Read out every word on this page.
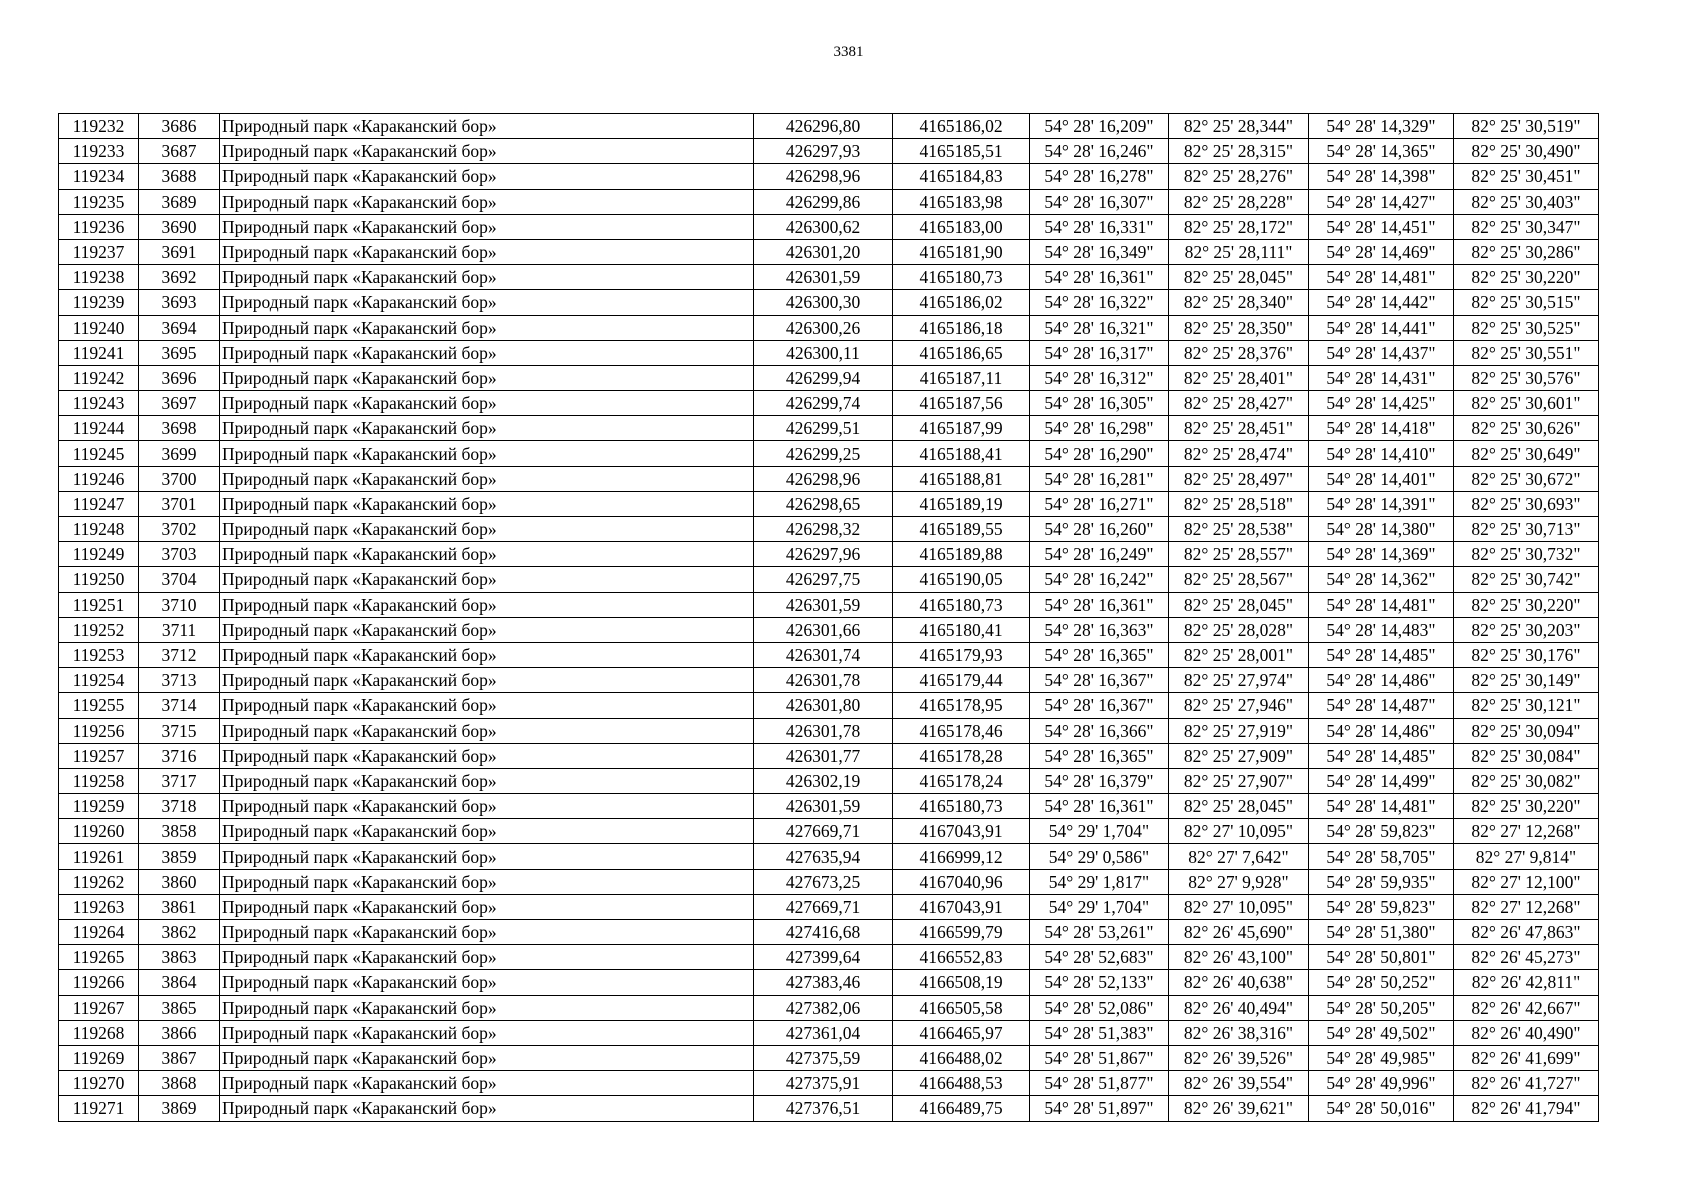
3381
119232	3686	Природный парк «Караканский бор»	426296,80	4165186,02	54° 28' 16,209"	82° 25' 28,344"	54° 28' 14,329"	82° 25' 30,519"
119233	3687	Природный парк «Караканский бор»	426297,93	4165185,51	54° 28' 16,246"	82° 25' 28,315"	54° 28' 14,365"	82° 25' 30,490"
119234	3688	Природный парк «Караканский бор»	426298,96	4165184,83	54° 28' 16,278"	82° 25' 28,276"	54° 28' 14,398"	82° 25' 30,451"
119235	3689	Природный парк «Караканский бор»	426299,86	4165183,98	54° 28' 16,307"	82° 25' 28,228"	54° 28' 14,427"	82° 25' 30,403"
119236	3690	Природный парк «Караканский бор»	426300,62	4165183,00	54° 28' 16,331"	82° 25' 28,172"	54° 28' 14,451"	82° 25' 30,347"
119237	3691	Природный парк «Караканский бор»	426301,20	4165181,90	54° 28' 16,349"	82° 25' 28,111"	54° 28' 14,469"	82° 25' 30,286"
119238	3692	Природный парк «Караканский бор»	426301,59	4165180,73	54° 28' 16,361"	82° 25' 28,045"	54° 28' 14,481"	82° 25' 30,220"
119239	3693	Природный парк «Караканский бор»	426300,30	4165186,02	54° 28' 16,322"	82° 25' 28,340"	54° 28' 14,442"	82° 25' 30,515"
119240	3694	Природный парк «Караканский бор»	426300,26	4165186,18	54° 28' 16,321"	82° 25' 28,350"	54° 28' 14,441"	82° 25' 30,525"
119241	3695	Природный парк «Караканский бор»	426300,11	4165186,65	54° 28' 16,317"	82° 25' 28,376"	54° 28' 14,437"	82° 25' 30,551"
119242	3696	Природный парк «Караканский бор»	426299,94	4165187,11	54° 28' 16,312"	82° 25' 28,401"	54° 28' 14,431"	82° 25' 30,576"
119243	3697	Природный парк «Караканский бор»	426299,74	4165187,56	54° 28' 16,305"	82° 25' 28,427"	54° 28' 14,425"	82° 25' 30,601"
119244	3698	Природный парк «Караканский бор»	426299,51	4165187,99	54° 28' 16,298"	82° 25' 28,451"	54° 28' 14,418"	82° 25' 30,626"
119245	3699	Природный парк «Караканский бор»	426299,25	4165188,41	54° 28' 16,290"	82° 25' 28,474"	54° 28' 14,410"	82° 25' 30,649"
119246	3700	Природный парк «Караканский бор»	426298,96	4165188,81	54° 28' 16,281"	82° 25' 28,497"	54° 28' 14,401"	82° 25' 30,672"
119247	3701	Природный парк «Караканский бор»	426298,65	4165189,19	54° 28' 16,271"	82° 25' 28,518"	54° 28' 14,391"	82° 25' 30,693"
119248	3702	Природный парк «Караканский бор»	426298,32	4165189,55	54° 28' 16,260"	82° 25' 28,538"	54° 28' 14,380"	82° 25' 30,713"
119249	3703	Природный парк «Караканский бор»	426297,96	4165189,88	54° 28' 16,249"	82° 25' 28,557"	54° 28' 14,369"	82° 25' 30,732"
119250	3704	Природный парк «Караканский бор»	426297,75	4165190,05	54° 28' 16,242"	82° 25' 28,567"	54° 28' 14,362"	82° 25' 30,742"
119251	3710	Природный парк «Караканский бор»	426301,59	4165180,73	54° 28' 16,361"	82° 25' 28,045"	54° 28' 14,481"	82° 25' 30,220"
119252	3711	Природный парк «Караканский бор»	426301,66	4165180,41	54° 28' 16,363"	82° 25' 28,028"	54° 28' 14,483"	82° 25' 30,203"
119253	3712	Природный парк «Караканский бор»	426301,74	4165179,93	54° 28' 16,365"	82° 25' 28,001"	54° 28' 14,485"	82° 25' 30,176"
119254	3713	Природный парк «Караканский бор»	426301,78	4165179,44	54° 28' 16,367"	82° 25' 27,974"	54° 28' 14,486"	82° 25' 30,149"
119255	3714	Природный парк «Караканский бор»	426301,80	4165178,95	54° 28' 16,367"	82° 25' 27,946"	54° 28' 14,487"	82° 25' 30,121"
119256	3715	Природный парк «Караканский бор»	426301,78	4165178,46	54° 28' 16,366"	82° 25' 27,919"	54° 28' 14,486"	82° 25' 30,094"
119257	3716	Природный парк «Караканский бор»	426301,77	4165178,28	54° 28' 16,365"	82° 25' 27,909"	54° 28' 14,485"	82° 25' 30,084"
119258	3717	Природный парк «Караканский бор»	426302,19	4165178,24	54° 28' 16,379"	82° 25' 27,907"	54° 28' 14,499"	82° 25' 30,082"
119259	3718	Природный парк «Караканский бор»	426301,59	4165180,73	54° 28' 16,361"	82° 25' 28,045"	54° 28' 14,481"	82° 25' 30,220"
119260	3858	Природный парк «Караканский бор»	427669,71	4167043,91	54° 29' 1,704"	82° 27' 10,095"	54° 28' 59,823"	82° 27' 12,268"
119261	3859	Природный парк «Караканский бор»	427635,94	4166999,12	54° 29' 0,586"	82° 27' 7,642"	54° 28' 58,705"	82° 27' 9,814"
119262	3860	Природный парк «Караканский бор»	427673,25	4167040,96	54° 29' 1,817"	82° 27' 9,928"	54° 28' 59,935"	82° 27' 12,100"
119263	3861	Природный парк «Караканский бор»	427669,71	4167043,91	54° 29' 1,704"	82° 27' 10,095"	54° 28' 59,823"	82° 27' 12,268"
119264	3862	Природный парк «Караканский бор»	427416,68	4166599,79	54° 28' 53,261"	82° 26' 45,690"	54° 28' 51,380"	82° 26' 47,863"
119265	3863	Природный парк «Караканский бор»	427399,64	4166552,83	54° 28' 52,683"	82° 26' 43,100"	54° 28' 50,801"	82° 26' 45,273"
119266	3864	Природный парк «Караканский бор»	427383,46	4166508,19	54° 28' 52,133"	82° 26' 40,638"	54° 28' 50,252"	82° 26' 42,811"
119267	3865	Природный парк «Караканский бор»	427382,06	4166505,58	54° 28' 52,086"	82° 26' 40,494"	54° 28' 50,205"	82° 26' 42,667"
119268	3866	Природный парк «Караканский бор»	427361,04	4166465,97	54° 28' 51,383"	82° 26' 38,316"	54° 28' 49,502"	82° 26' 40,490"
119269	3867	Природный парк «Караканский бор»	427375,59	4166488,02	54° 28' 51,867"	82° 26' 39,526"	54° 28' 49,985"	82° 26' 41,699"
119270	3868	Природный парк «Караканский бор»	427375,91	4166488,53	54° 28' 51,877"	82° 26' 39,554"	54° 28' 49,996"	82° 26' 41,727"
119271	3869	Природный парк «Караканский бор»	427376,51	4166489,75	54° 28' 51,897"	82° 26' 39,621"	54° 28' 50,016"	82° 26' 41,794"
